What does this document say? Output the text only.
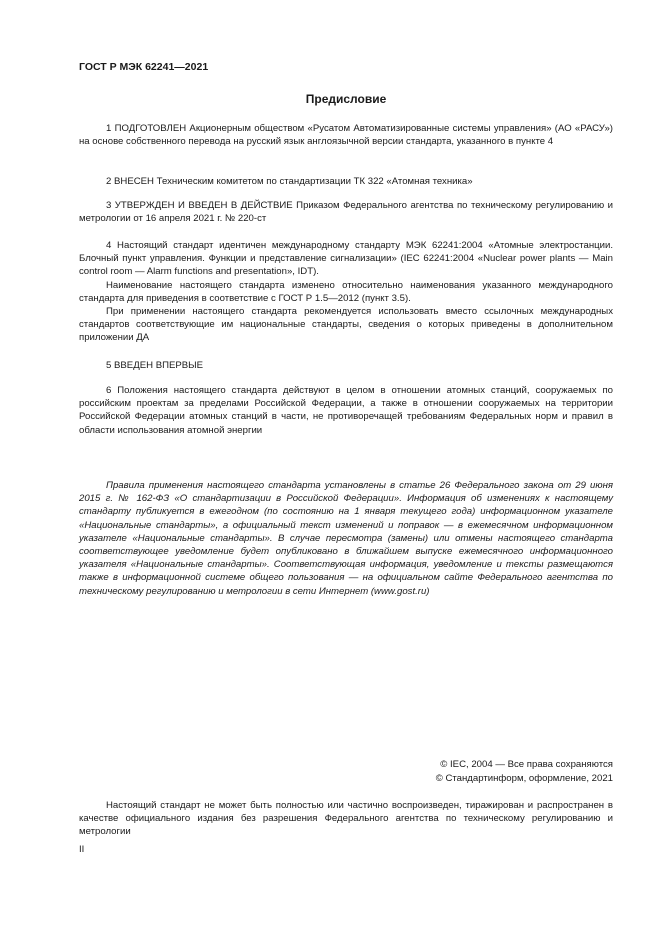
ГОСТ Р МЭК 62241—2021
Предисловие

1 ПОДГОТОВЛЕН Акционерным обществом «Русатом Автоматизированные системы управления» (АО «РАСУ») на основе собственного перевода на русский язык англоязычной версии стандарта, указанного в пункте 4

2 ВНЕСЕН Техническим комитетом по стандартизации ТК 322 «Атомная техника»

3 УТВЕРЖДЕН И ВВЕДЕН В ДЕЙСТВИЕ Приказом Федерального агентства по техническому регулированию и метрологии от 16 апреля 2021 г. № 220-ст

4 Настоящий стандарт идентичен международному стандарту МЭК 62241:2004 «Атомные электростанции. Блочный пункт управления. Функции и представление сигнализации» (IEC 62241:2004 «Nuclear power plants — Main control room — Alarm functions and presentation», IDT).

Наименование настоящего стандарта изменено относительно наименования указанного международного стандарта для приведения в соответствие с ГОСТ Р 1.5—2012 (пункт 3.5).

При применении настоящего стандарта рекомендуется использовать вместо ссылочных международных стандартов соответствующие им национальные стандарты, сведения о которых приведены в дополнительном приложении ДА

5 ВВЕДЕН ВПЕРВЫЕ

6 Положения настоящего стандарта действуют в целом в отношении атомных станций, сооружаемых по российским проектам за пределами Российской Федерации, а также в отношении сооружаемых на территории Российской Федерации атомных станций в части, не противоречащей требованиям Федеральных норм и правил в области использования атомной энергии

Правила применения настоящего стандарта установлены в статье 26 Федерального закона от 29 июня 2015 г. № 162-ФЗ «О стандартизации в Российской Федерации». Информация об изменениях к настоящему стандарту публикуется в ежегодном (по состоянию на 1 января текущего года) информационном указателе «Национальные стандарты», а официальный текст изменений и поправок — в ежемесячном информационном указателе «Национальные стандарты». В случае пересмотра (замены) или отмены настоящего стандарта соответствующее уведомление будет опубликовано в ближайшем выпуске ежемесячного информационного указателя «Национальные стандарты». Соответствующая информация, уведомление и тексты размещаются также в информационной системе общего пользования — на официальном сайте Федерального агентства по техническому регулированию и метрологии в сети Интернет (www.gost.ru)

© IEC, 2004 — Все права сохраняются
© Стандартинформ, оформление, 2021

Настоящий стандарт не может быть полностью или частично воспроизведен, тиражирован и распространен в качестве официального издания без разрешения Федерального агентства по техническому регулированию и метрологии

II
